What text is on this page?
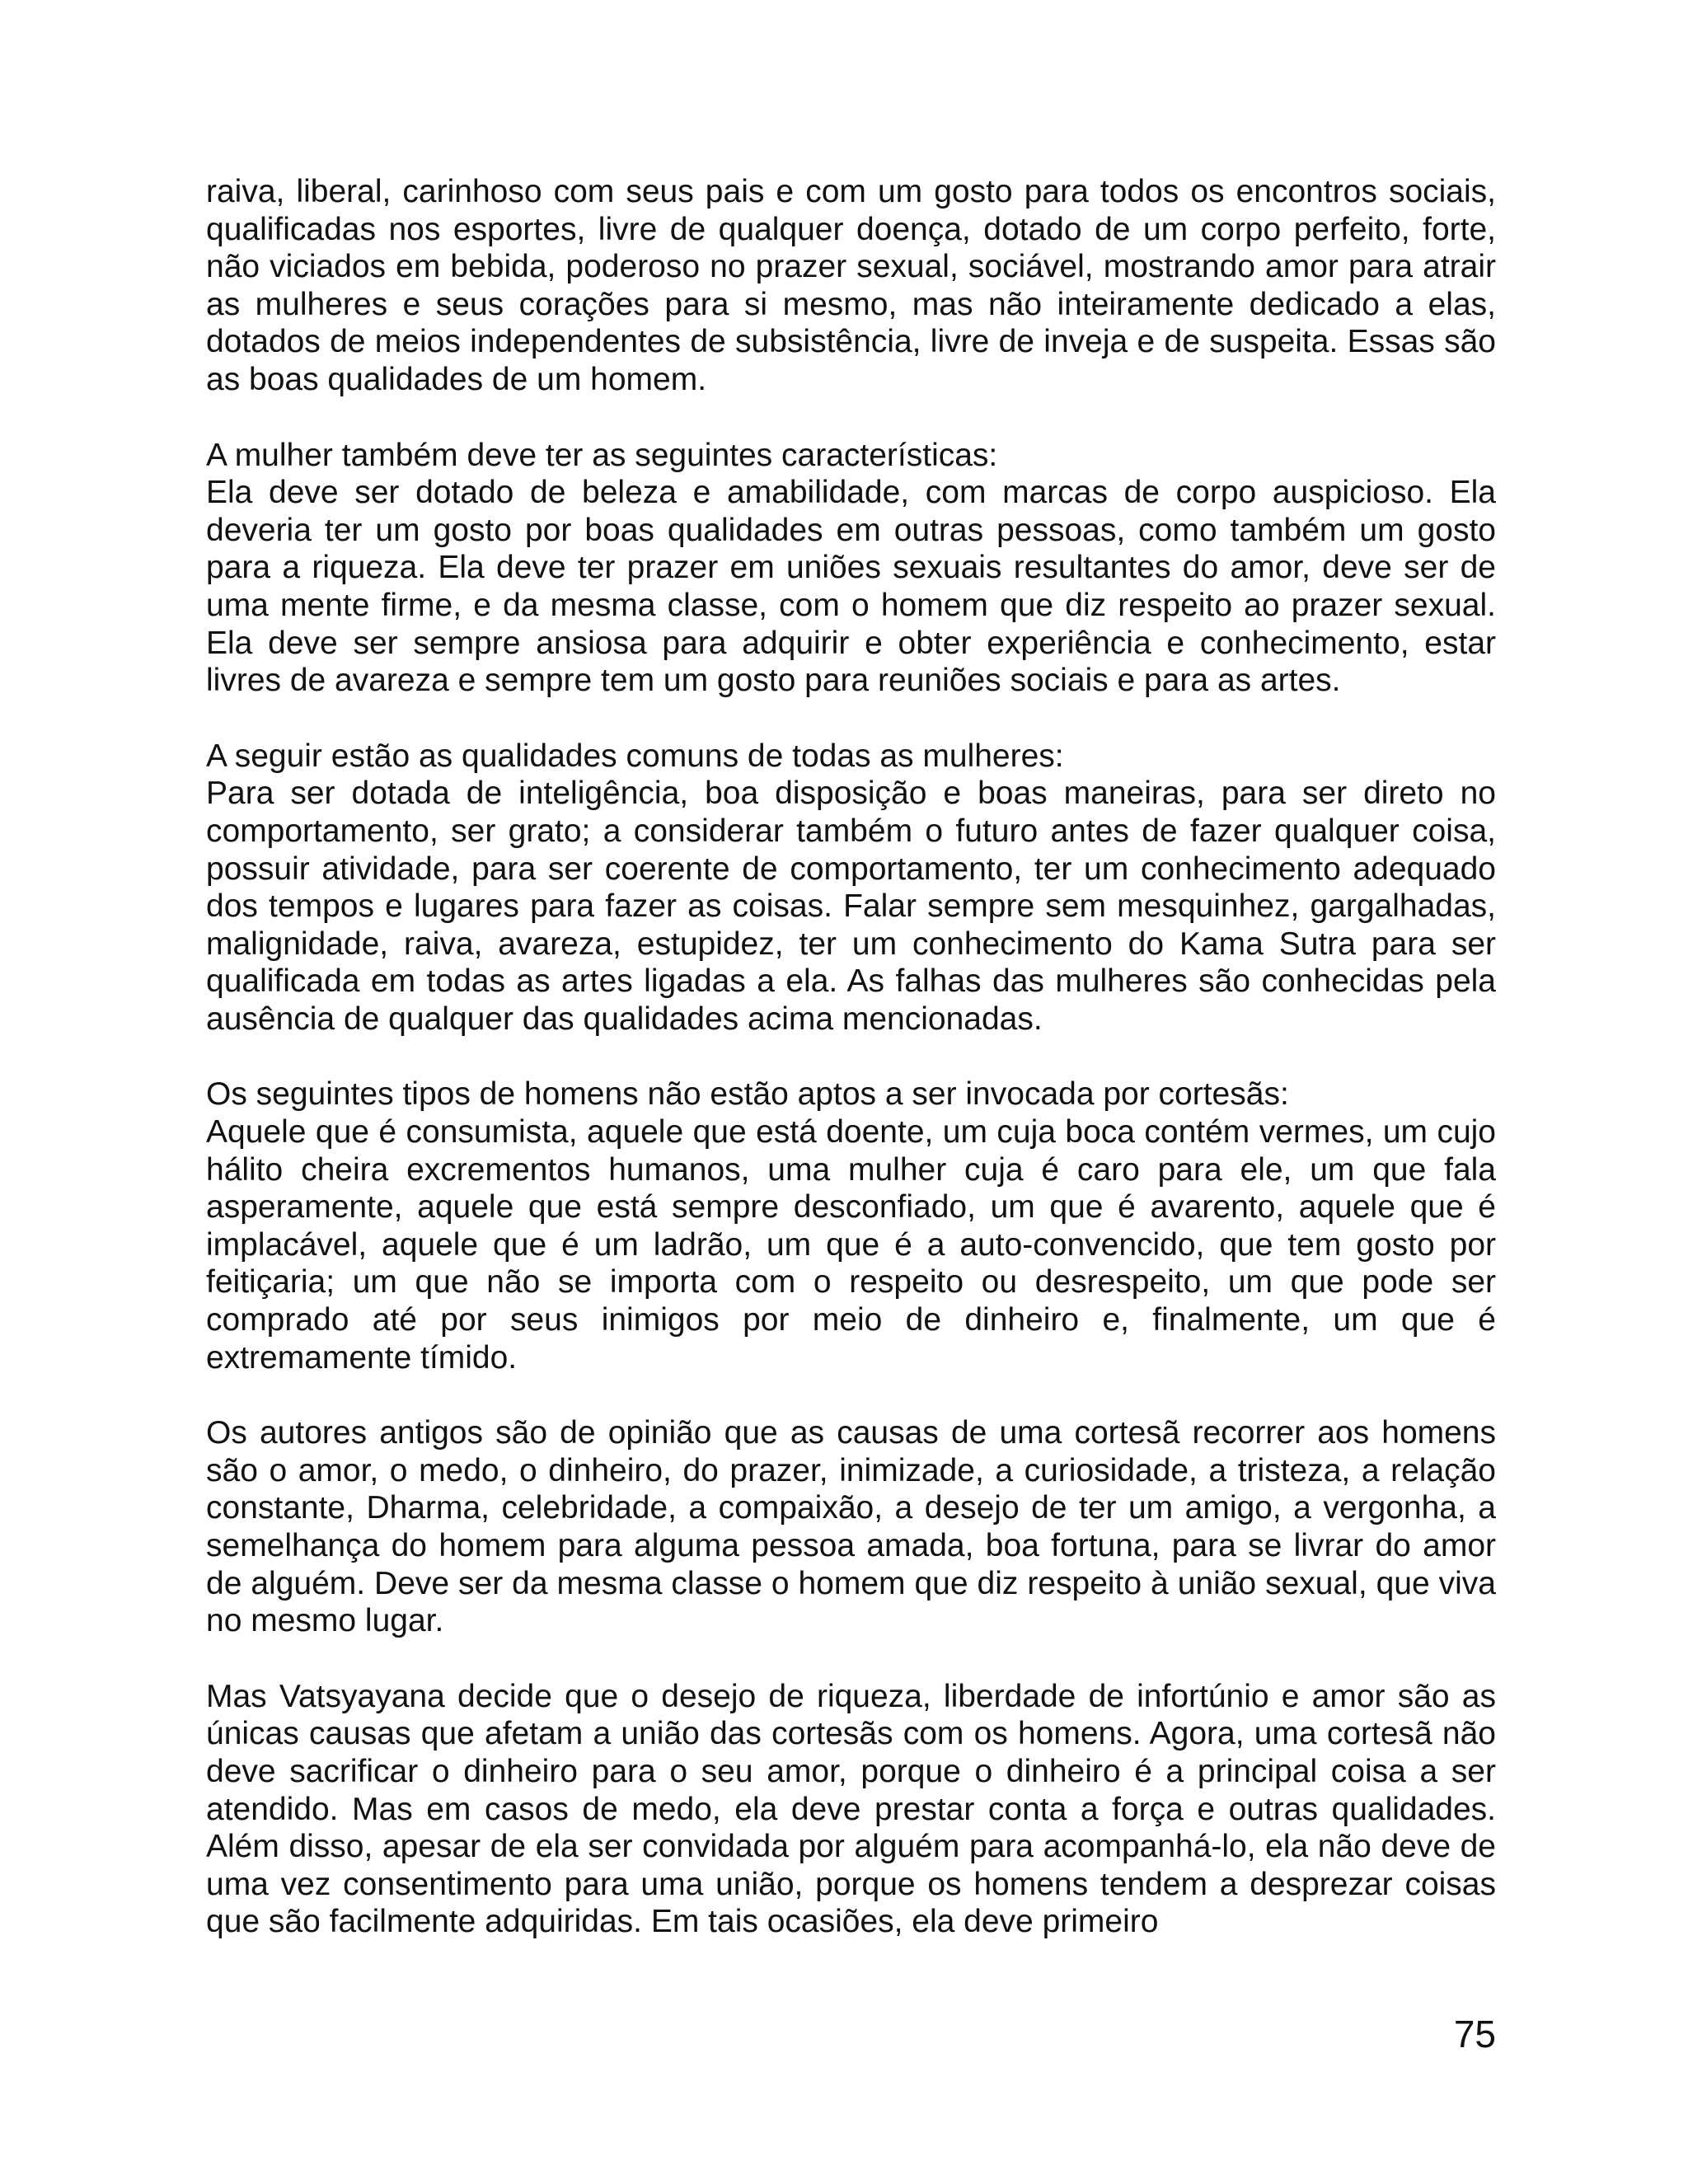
raiva, liberal, carinhoso com seus pais e com um gosto para todos os encontros sociais, qualificadas nos esportes, livre de qualquer doença, dotado de um corpo perfeito, forte, não viciados em bebida, poderoso no prazer sexual, sociável, mostrando amor para atrair as mulheres e seus corações para si mesmo, mas não inteiramente dedicado a elas, dotados de meios independentes de subsistência, livre de inveja e de suspeita. Essas são as boas qualidades de um homem.

A mulher também deve ter as seguintes características:

Ela deve ser dotado de beleza e amabilidade, com marcas de corpo auspicioso. Ela deveria ter um gosto por boas qualidades em outras pessoas, como também um gosto para a riqueza. Ela deve ter prazer em uniões sexuais resultantes do amor, deve ser de uma mente firme, e da mesma classe, com o homem que diz respeito ao prazer sexual. Ela deve ser sempre ansiosa para adquirir e obter experiência e conhecimento, estar livres de avareza e sempre tem um gosto para reuniões sociais e para as artes.

A seguir estão as qualidades comuns de todas as mulheres:

Para ser dotada de inteligência, boa disposição e boas maneiras, para ser direto no comportamento, ser grato; a considerar também o futuro antes de fazer qualquer coisa, possuir atividade, para ser coerente de comportamento, ter um conhecimento adequado dos tempos e lugares para fazer as coisas. Falar sempre sem mesquinhez, gargalhadas, malignidade, raiva, avareza, estupidez, ter um conhecimento do Kama Sutra para ser qualificada em todas as artes ligadas a ela. As falhas das mulheres são conhecidas pela ausência de qualquer das qualidades acima mencionadas.

Os seguintes tipos de homens não estão aptos a ser invocada por cortesãs:

Aquele que é consumista, aquele que está doente, um cuja boca contém vermes, um cujo hálito cheira excrementos humanos, uma mulher cuja é caro para ele, um que fala asperamente, aquele que está sempre desconfiado, um que é avarento, aquele que é implacável, aquele que é um ladrão, um que é a auto-convencido, que tem gosto por feitiçaria; um que não se importa com o respeito ou desrespeito, um que pode ser comprado até por seus inimigos por meio de dinheiro e, finalmente, um que é extremamente tímido.

Os autores antigos são de opinião que as causas de uma cortesã recorrer aos homens são o amor, o medo, o dinheiro, do prazer, inimizade, a curiosidade, a tristeza, a relação constante, Dharma, celebridade, a compaixão, a desejo de ter um amigo, a vergonha, a semelhança do homem para alguma pessoa amada, boa fortuna, para se livrar do amor de alguém. Deve ser da mesma classe o homem que diz respeito à união sexual, que viva no mesmo lugar.

Mas Vatsyayana decide que o desejo de riqueza, liberdade de infortúnio e amor são as únicas causas que afetam a união das cortesãs com os homens. Agora, uma cortesã não deve sacrificar o dinheiro para o seu amor, porque o dinheiro é a principal coisa a ser atendido. Mas em casos de medo, ela deve prestar conta a força e outras qualidades. Além disso, apesar de ela ser convidada por alguém para acompanhá-lo, ela não deve de uma vez consentimento para uma união, porque os homens tendem a desprezar coisas que são facilmente adquiridas. Em tais ocasiões, ela deve primeiro

75
